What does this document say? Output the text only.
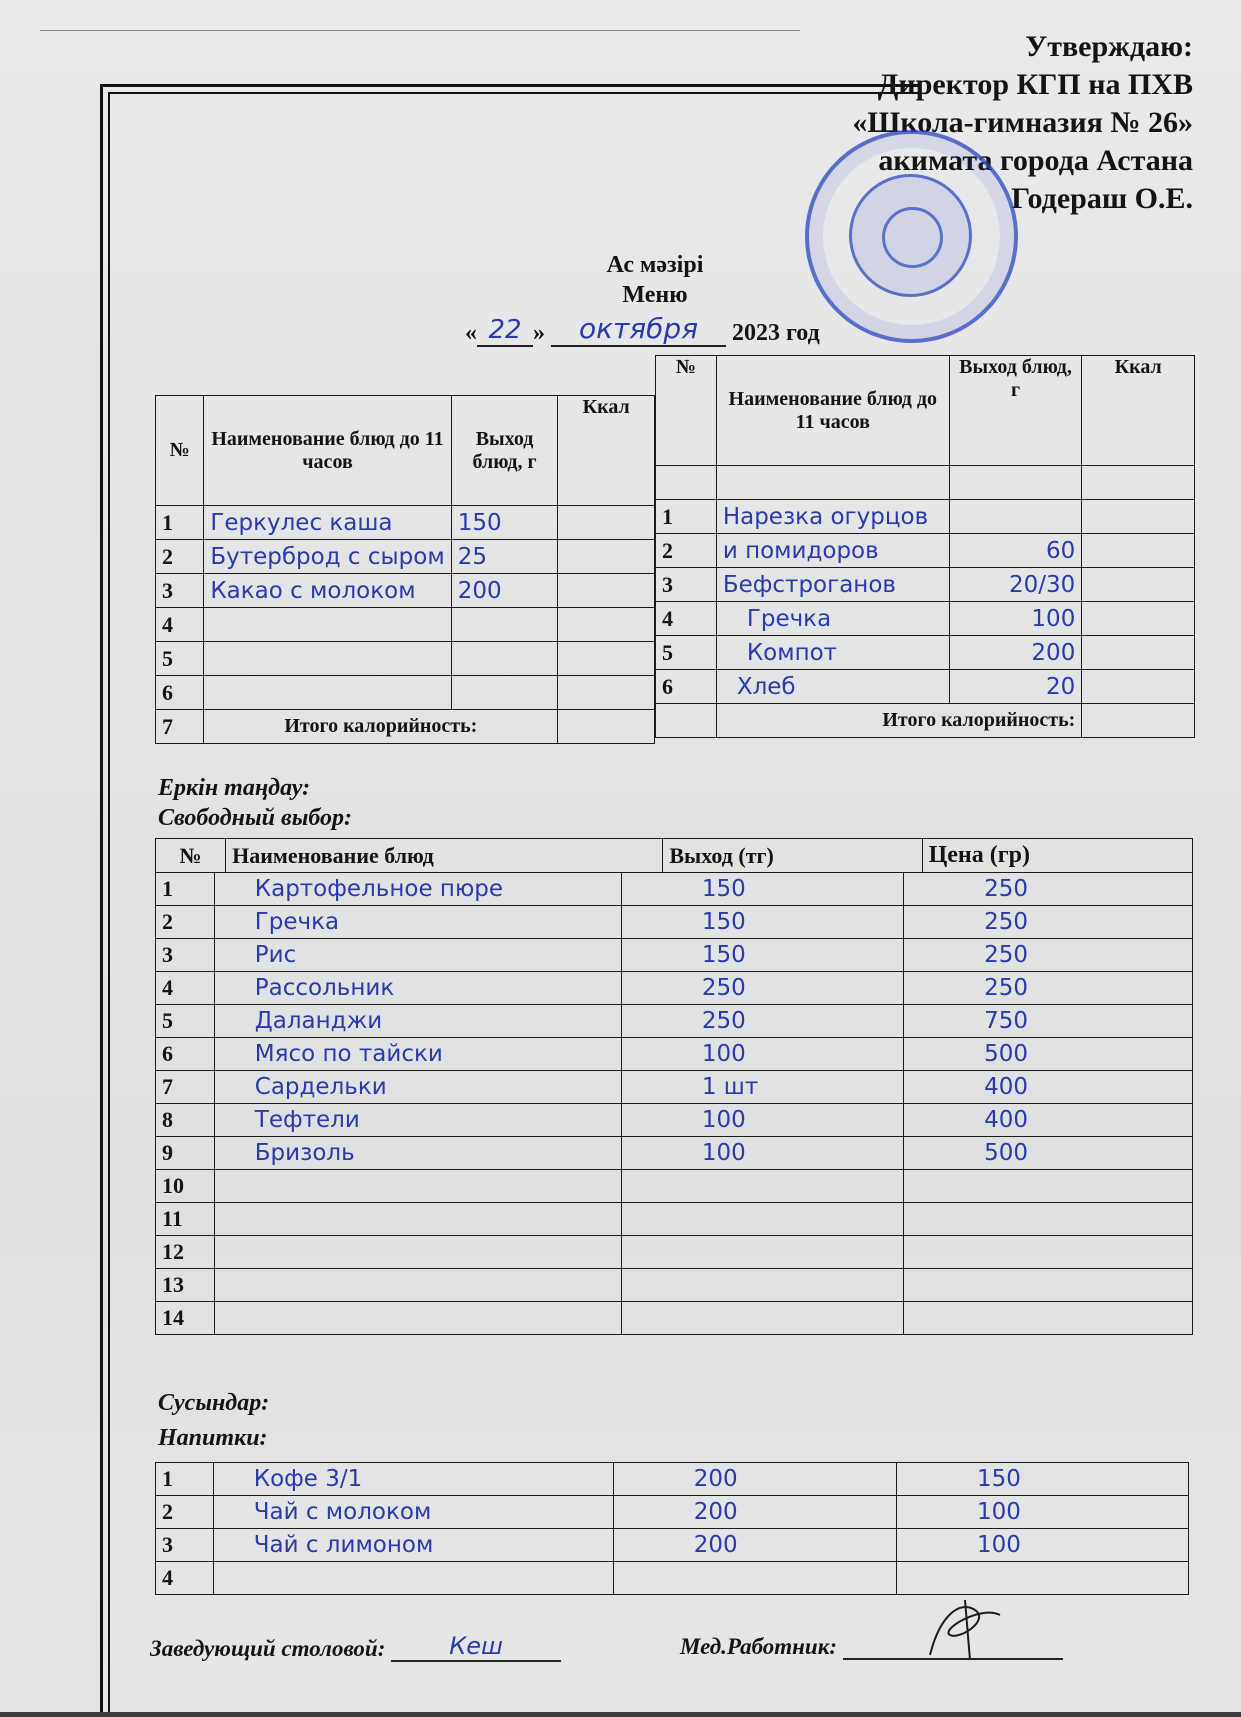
Утверждаю:
Директор КГП на ПХВ
«Школа-гимназия № 26»
акимата города Астана
Годераш О.Е.
Ас мәзірі
Меню
« 22 » октября 2023 год
№	Наименование блюд до 11 часов	Выход блюд, г	Ккал
1	Геркулес каша	150	
2	Бутерброд с сыром	25	
3	Какао с молоком	200	
4			
5			
6			
7	Итого калорийность:		
№	Наименование блюд до 11 часов	Выход блюд, г	Ккал

1	Нарезка огурцов		
2	и помидоров	60	
3	Бефстроганов	20/30	
4	Гречка	100	
5	Компот	200	
6	Хлеб	20	
	Итого калорийность:		
Еркін таңдау:
Свободный выбор:
№	Наименование блюд	Выход (тг)	Цена (гр)
1	Картофельное пюре	150	250
2	Гречка	150	250
3	Рис	150	250
4	Рассольник	250	250
5	Даланджи	250	750
6	Мясо по тайски	100	500
7	Сардельки	1 шт	400
8	Тефтели	100	400
9	Бризоль	100	500
10			
11			
12			
13			
14			
Сусындар:
Напитки:
1	Кофе 3/1	200	150
2	Чай с молоком	200	100
3	Чай с лимоном	200	100
4			
Заведующий столовой:	Кеш	Мед.Работник:
